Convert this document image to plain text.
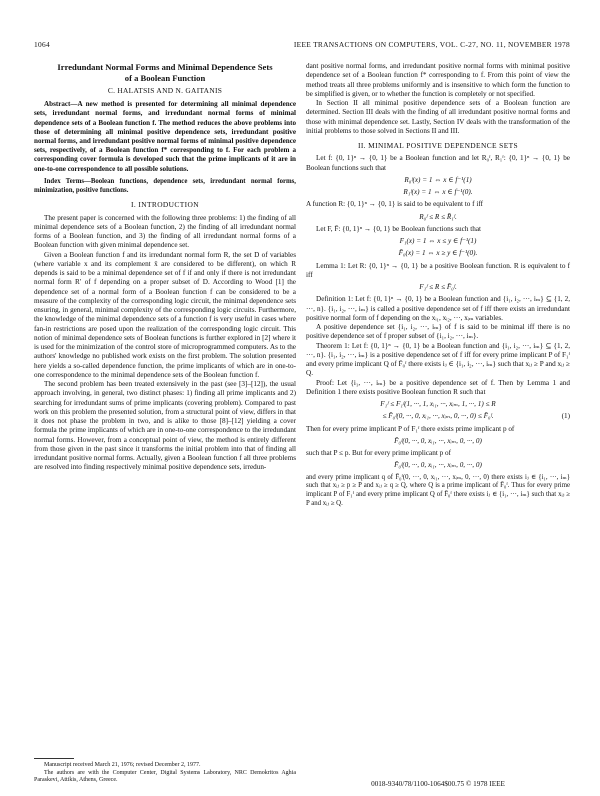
1064	IEEE TRANSACTIONS ON COMPUTERS, VOL. C-27, NO. 11, NOVEMBER 1978

Irredundant Normal Forms and Minimal Dependence Sets

of a Boolean Function

C. HALATSIS AND N. GAITANIS

Abstract—A new method is presented for determining all minimal dependence sets, irredundant normal forms, and irredundant normal forms of minimal dependence sets of a Boolean function f. The method reduces the above problems into those of determining all minimal positive dependence sets, irredundant positive normal forms, and irredundant positive normal forms of minimal positive dependence sets, respectively, of a Boolean function f* corresponding to f. For each problem a corresponding cover formula is developed such that the prime implicants of it are in one-to-one correspondence to all possible solutions.

Index Terms—Boolean functions, dependence sets, irredundant normal forms, minimization, positive functions.

I. INTRODUCTION

The present paper is concerned with the following three problems: 1) the finding of all minimal dependence sets of a Boolean function, 2) the finding of all irredundant normal forms of a Boolean function, and 3) the finding of all irredundant normal forms of a Boolean function with given minimal dependence set.

Given a Boolean function f and its irredundant normal form R, the set D of variables (where variable x and its complement x̄ are considered to be different), on which R depends is said to be a minimal dependence set of f if and only if there is not irredundant normal form R′ of f depending on a proper subset of D. According to Wood [1] the dependence set of a normal form of a Boolean function f can be considered to be a measure of the complexity of the corresponding logic circuit, the minimal dependence sets ensuring, in general, minimal complexity of the corresponding logic circuits. Furthermore, the knowledge of the minimal dependence sets of a function f is very useful in cases where fan-in restrictions are posed upon the realization of the corresponding logic circuit. This notion of minimal dependence sets of Boolean functions is further explored in [2] where it is used for the minimization of the control store of microprogrammed computers. As to the authors' knowledge no published work exists on the first problem. The solution presented here yields a so-called dependence function, the prime implicants of which are in one-to-one correspondence to the minimal dependence sets of the Boolean function f.

The second problem has been treated extensively in the past (see [3]–[12]), the usual approach involving, in general, two distinct phases: 1) finding all prime implicants and 2) searching for irredundant sums of prime implicants (covering problem). Compared to past work on this problem the presented solution, from a structural point of view, differs in that it does not phase the problem in two, and is alike to those [8]–[12] yielding a cover formula the prime implicants of which are in one-to-one correspondence to the irredundant normal forms. However, from a conceptual point of view, the method is entirely different from those given in the past since it transforms the initial problem into that of finding all irredundant positive normal forms. Actually, given a Boolean function f all three problems are resolved into finding respectively minimal positive dependence sets, irredun-

Manuscript received March 21, 1976; revised December 2, 1977.

The authors are with the Computer Center, Digital Systems Laboratory, NRC Demokritos Aghia Paraskevi, Attikis, Athens, Greece.

dant positive normal forms, and irredundant positive normal forms with minimal positive dependence set of a Boolean function f* corresponding to f. From this point of view the method treats all three problems uniformly and is insensitive to which form the function to be simplified is given, or to whether the function is completely or not specified.

In Section II all minimal positive dependence sets of a Boolean function are determined. Section III deals with the finding of all irredundant positive normal forms and those with minimal dependence set. Lastly, Section IV deals with the transformation of the initial problems to those solved in Sections II and III.

II. MINIMAL POSITIVE DEPENDENCE SETS

Let f: {0, 1}ⁿ → {0, 1} be a Boolean function and let R₀ᶠ, R₁ᶠ: {0, 1}ⁿ → {0, 1} be Boolean functions such that

R₀ᶠ(x) = 1 ⇔ x ∈ f⁻¹(1)

R₁ᶠ(x) = 1 ⇔ x ∈ f⁻¹(0).

A function R: {0, 1}ⁿ → {0, 1} is said to be equivalent to f iff

R₀ᶠ ≤ R ≤ R̄₁ᶠ.

Let F, F̄: {0, 1}ⁿ → {0, 1} be Boolean functions such that

F₁(x) = 1 ⇔ x ≤ y ∈ f⁻¹(1)

F̄₀(x) = 1 ⇔ x ≥ y ∈ f⁻¹(0).

Lemma 1: Let R: {0, 1}ⁿ → {0, 1} be a positive Boolean function. R is equivalent to f iff

F₁ᶠ ≤ R ≤ F̄₀ᶠ.

Definition 1: Let f: {0, 1}ⁿ → {0, 1} be a Boolean function and {i₁, i₂, ···, iₘ} ⊆ {1, 2, ···, n}. {i₁, i₂, ···, iₘ} is called a positive dependence set of f iff there exists an irredundant positive normal form of f depending on the xᵢ₁, xᵢ₂, ···, xᵢₘ variables.

A positive dependence set {i₁, i₂, ···, iₘ} of f is said to be minimal iff there is no positive dependence set of f proper subset of {i₁, i₂, ···, iₘ}.

Theorem 1: Let f: {0, 1}ⁿ → {0, 1} be a Boolean function and {i₁, i₂, ···, iₘ} ⊆ {1, 2, ···, n}. {i₁, i₂, ···, iₘ} is a positive dependence set of f iff for every prime implicant P of F₁ᶠ and every prime implicant Q of F̄₀ᶠ there exists iⱼ ∈ {i₁, i₂, ···, iₘ} such that xᵢⱼ ≥ P and xᵢⱼ ≥ Q.

Proof: Let {i₁, ···, iₘ} be a positive dependence set of f. Then by Lemma 1 and Definition 1 there exists positive Boolean function R such that

F₁ᶠ ≤ F₁ᶠ(1, ···, 1, xᵢ₁, ···, xᵢₘ, 1, ···, 1) ≤ R

≤ F̄₀ᶠ(0, ···, 0, xᵢ₁, ···, xᵢₘ, 0, ···, 0) ≤ F̄₀ᶠ.	(1)

Then for every prime implicant P of F₁ᶠ there exists prime implicant p of

F̄₀ᶠ(0, ···, 0, xᵢ₁, ···, xᵢₘ, 0, ···, 0)

such that P ≤ p. But for every prime implicant p of

F̄₀ᶠ(0, ···, 0, xᵢ₁, ···, xᵢₘ, 0, ···, 0)

and every prime implicant q of F̄₀ᶠ(0, ···, 0, xᵢ₁, ···, xᵢₘ, 0, ···, 0) there exists iⱼ ∈ {i₁, ···, iₘ} such that xᵢⱼ ≥ p ≥ P and xᵢⱼ ≥ q ≥ Q, where Q is a prime implicant of F̄₀ᶠ. Thus for every prime implicant P of F₁ᶠ and every prime implicant Q of F̄₀ᶠ there exists iⱼ ∈ {i₁, ···, iₘ} such that xᵢⱼ ≥ P and xᵢⱼ ≥ Q.

0018-9340/78/1100-1064$00.75 © 1978 IEEE
